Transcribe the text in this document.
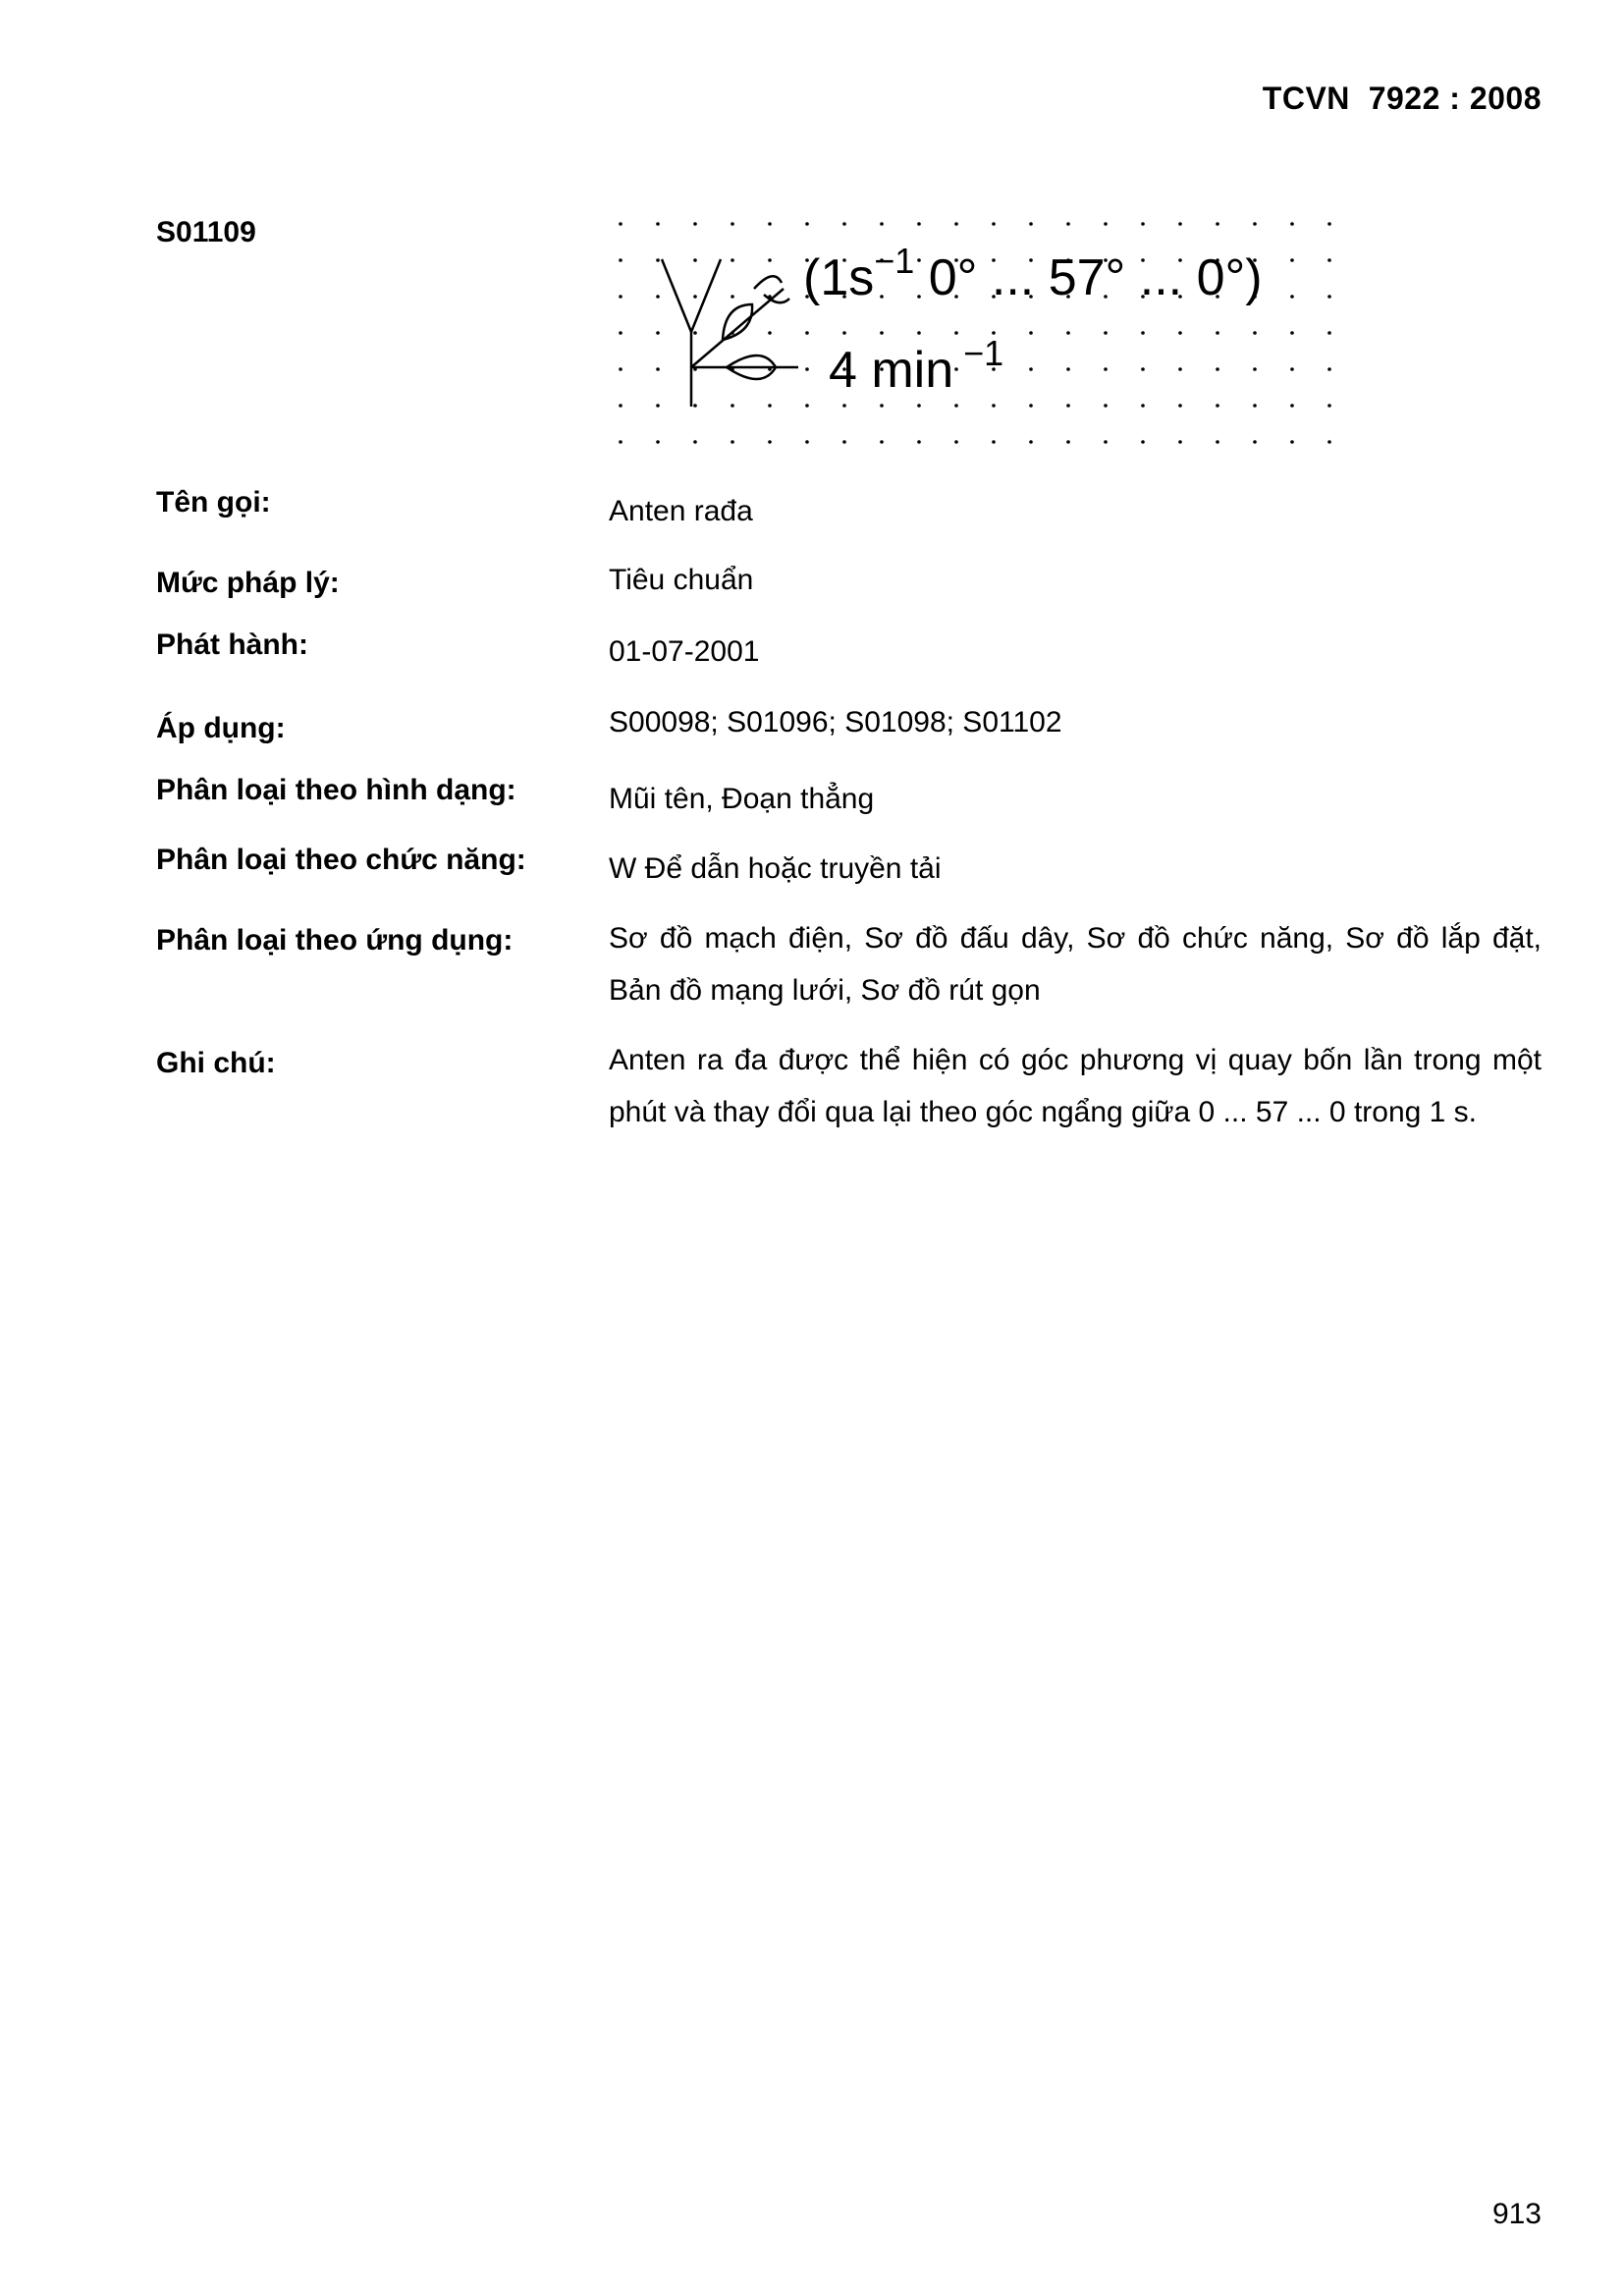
TCVN  7922 : 2008
S01109
($1s^{-1}$ 0° ... 57° ... 0°)
4 min $^{-1}$
Tên gọi:	Anten rađa
Mức pháp lý:	Tiêu chuẩn
Phát hành:	01-07-2001
Áp dụng:	S00098; S01096; S01098; S01102
Phân loại theo hình dạng:	Mũi tên, Đoạn thẳng
Phân loại theo chức năng:	W Để dẫn hoặc truyền tải
Phân loại theo ứng dụng:	Sơ đồ mạch điện, Sơ đồ đấu dây, Sơ đồ chức năng, Sơ đồ lắp đặt, Bản đồ mạng lưới, Sơ đồ rút gọn
Ghi chú:	Anten ra đa được thể hiện có góc phương vị quay bốn lần trong một phút và thay đổi qua lại theo góc ngẩng giữa 0 ... 57 ... 0 trong 1 s.
913
